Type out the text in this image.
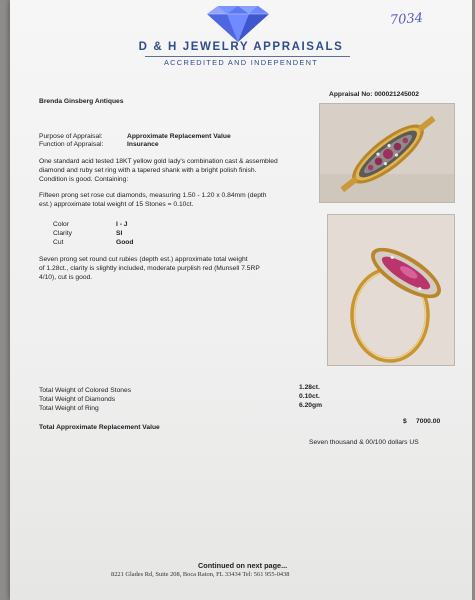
7034
D & H JEWELRY APPRAISALS
ACCREDITED AND INDEPENDENT
Brenda Ginsberg Antiques
Appraisal No: 000021245002
Purpose of Appraisal:	Approximate Replacement Value
Function of Appraisal:	Insurance
One standard acid tested 18KT yellow gold lady's combination cast & assembled
diamond and ruby set ring with a tapered shank with a bright polish finish.
Condition is good. Containing:
Fifteen prong set rose cut diamonds, measuring 1.50 - 1.20 x 0.84mm (depth
est.) approximate total weight of 15 Stones = 0.10ct.
Color	I - J
Clarity	SI
Cut	Good
Seven prong set round cut rubies (depth est.) approximate total weight
of 1.28ct., clarity is slightly included, moderate purplish red (Munsell 7.5RP
4/10), cut is good.
Total Weight of Colored Stones	1.28ct.
Total Weight of Diamonds	0.10ct.
Total Weight of Ring	6.20gm
Total Approximate Replacement Value
$ 7000.00
Seven thousand & 00/100 dollars US
Continued on next page...
8221 Glades Rd, Suite 208, Boca Raton, FL 33434 Tel: 561 955-0438
